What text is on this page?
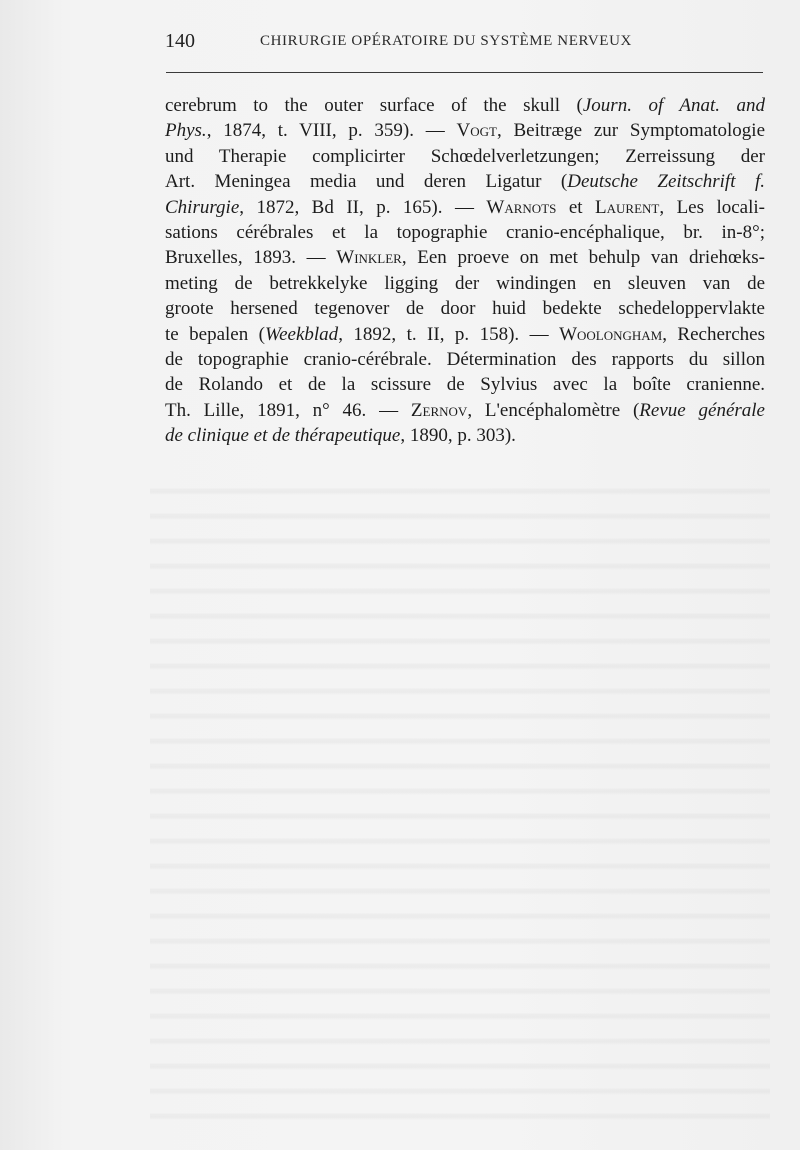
140	CHIRURGIE OPÉRATOIRE DU SYSTÈME NERVEUX
cerebrum to the outer surface of the skull (Journ. of Anat. and
Phys., 1874, t. VIII, p. 359). — Vogt, Beitræge zur Symptomatologie
und Therapie complicirter Schœdelverletzungen; Zerreissung der
Art. Meningea media und deren Ligatur (Deutsche Zeitschrift f.
Chirurgie, 1872, Bd II, p. 165). — Warnots et Laurent, Les locali-
sations cérébrales et la topographie cranio-encéphalique, br. in-8°;
Bruxelles, 1893. — Winkler, Een proeve on met behulp van driehœks-
meting de betrekkelyke ligging der windingen en sleuven van de
groote hersened tegenover de door huid bedekte schedeloppervlakte
te bepalen (Weekblad, 1892, t. II, p. 158). — Woolongham, Recherches
de topographie cranio-cérébrale. Détermination des rapports du sillon
de Rolando et de la scissure de Sylvius avec la boîte cranienne.
Th. Lille, 1891, n° 46. — Zernov, L'encéphalomètre (Revue générale
de clinique et de thérapeutique, 1890, p. 303).
